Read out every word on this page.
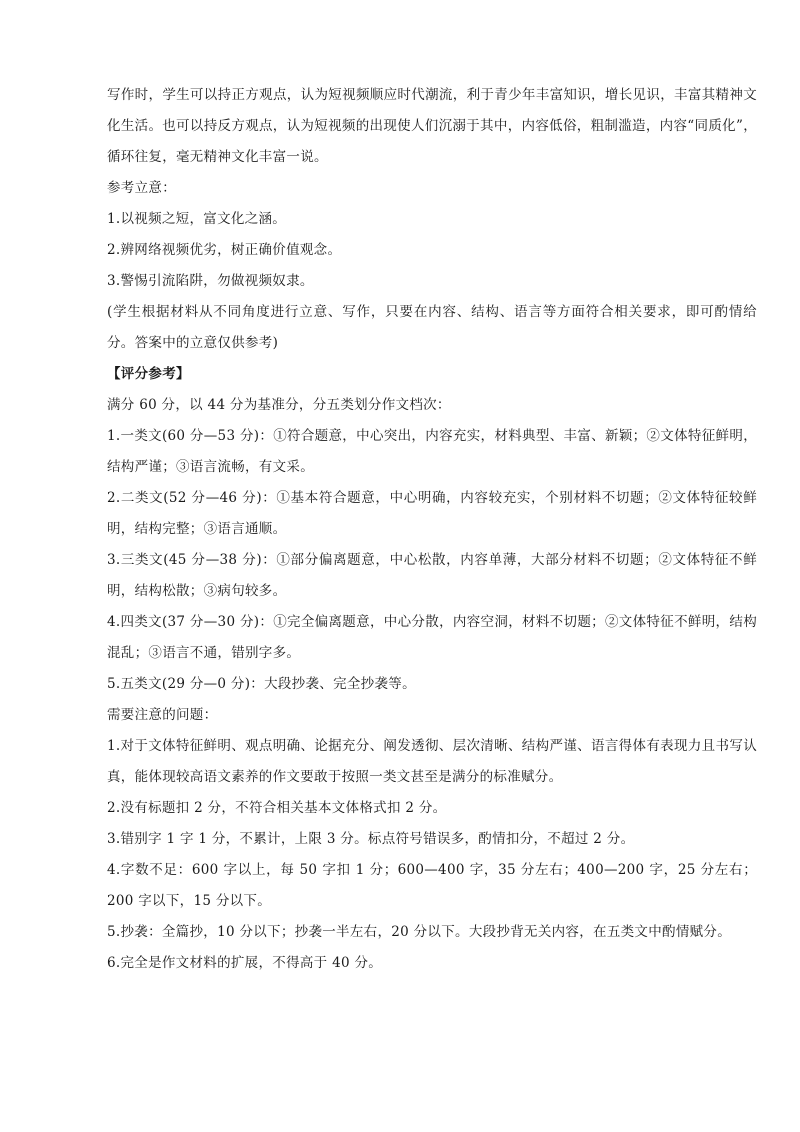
写作时，学生可以持正方观点，认为短视频顺应时代潮流，利于青少年丰富知识，增长见识，丰富其精神文化生活。也可以持反方观点，认为短视频的出现使人们沉溺于其中，内容低俗，粗制滥造，内容“同质化”，循环往复，毫无精神文化丰富一说。

参考立意：

1.以视频之短，富文化之涵。

2.辨网络视频优劣，树正确价值观念。

3.警惕引流陷阱，勿做视频奴隶。

(学生根据材料从不同角度进行立意、写作，只要在内容、结构、语言等方面符合相关要求，即可酌情给分。答案中的立意仅供参考)

【评分参考】

满分 60 分，以 44 分为基准分，分五类划分作文档次：

1.一类文(60 分—53 分)：①符合题意，中心突出，内容充实，材料典型、丰富、新颖；②文体特征鲜明，结构严谨；③语言流畅，有文采。

2.二类文(52 分—46 分)：①基本符合题意，中心明确，内容较充实，个别材料不切题；②文体特征较鲜明，结构完整；③语言通顺。

3.三类文(45 分—38 分)：①部分偏离题意，中心松散，内容单薄，大部分材料不切题；②文体特征不鲜明，结构松散；③病句较多。

4.四类文(37 分—30 分)：①完全偏离题意，中心分散，内容空洞，材料不切题；②文体特征不鲜明，结构混乱；③语言不通，错别字多。

5.五类文(29 分—0 分)：大段抄袭、完全抄袭等。

需要注意的问题：

1.对于文体特征鲜明、观点明确、论据充分、阐发透彻、层次清晰、结构严谨、语言得体有表现力且书写认真，能体现较高语文素养的作文要敢于按照一类文甚至是满分的标准赋分。

2.没有标题扣 2 分，不符合相关基本文体格式扣 2 分。

3.错别字 1 字 1 分，不累计，上限 3 分。标点符号错误多，酌情扣分，不超过 2 分。

4.字数不足：600 字以上，每 50 字扣 1 分；600—400 字，35 分左右；400—200 字，25 分左右；200 字以下，15 分以下。

5.抄袭：全篇抄，10 分以下；抄袭一半左右，20 分以下。大段抄背无关内容，在五类文中酌情赋分。

6.完全是作文材料的扩展，不得高于 40 分。
